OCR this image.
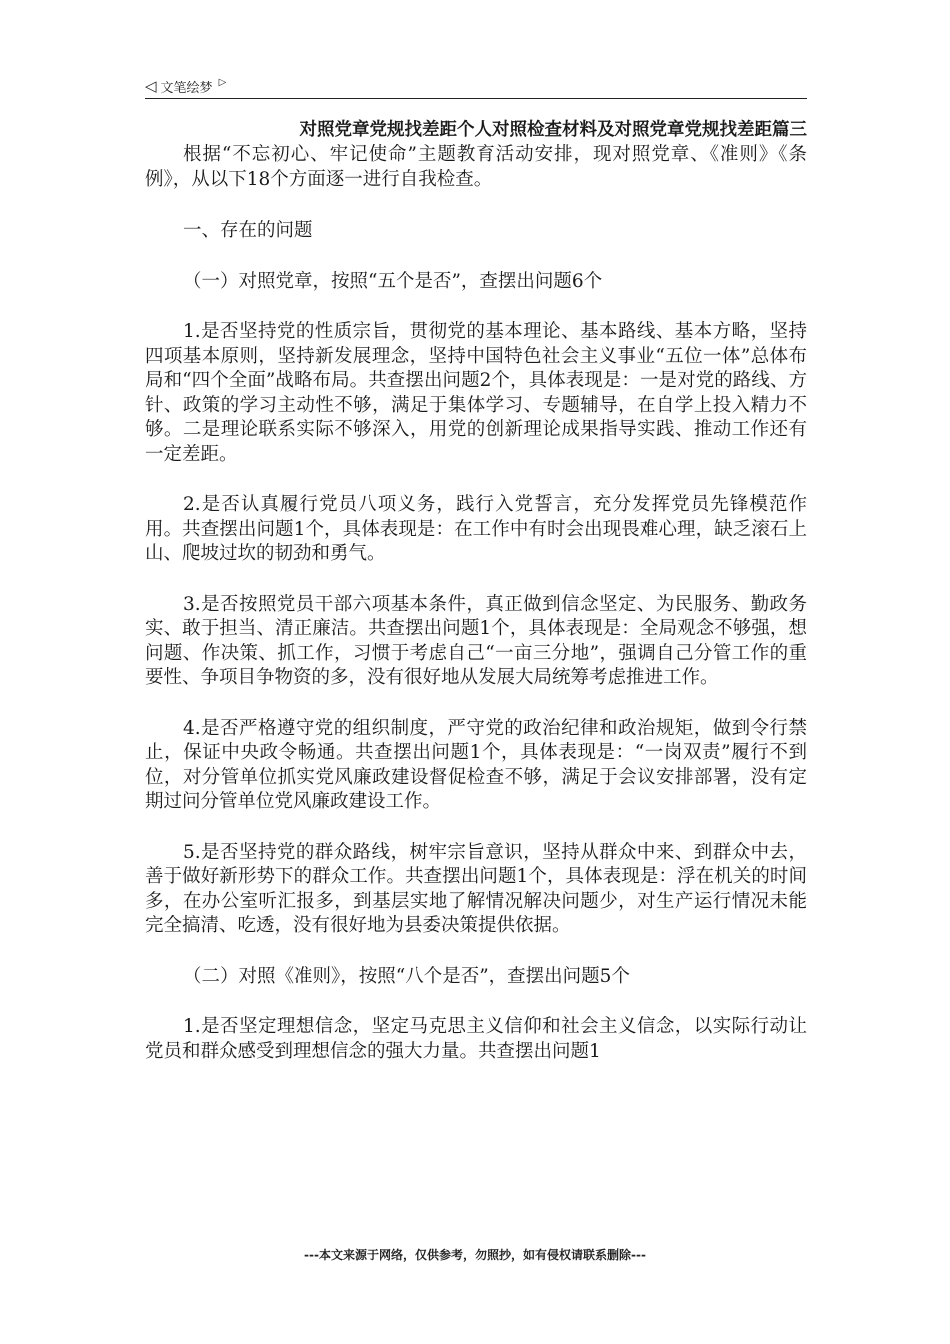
◁ 文笔绘梦 ▷
对照党章党规找差距个人对照检查材料及对照党章党规找差距篇三

根据“不忘初心、牢记使命”主题教育活动安排，现对照党章、《准则》《条例》，从以下18个方面逐一进行自我检查。

一、存在的问题

（一）对照党章，按照“五个是否”，查摆出问题6个

1.是否坚持党的性质宗旨，贯彻党的基本理论、基本路线、基本方略，坚持四项基本原则，坚持新发展理念，坚持中国特色社会主义事业“五位一体”总体布局和“四个全面”战略布局。共查摆出问题2个，具体表现是：一是对党的路线、方针、政策的学习主动性不够，满足于集体学习、专题辅导，在自学上投入精力不够。二是理论联系实际不够深入，用党的创新理论成果指导实践、推动工作还有一定差距。

2.是否认真履行党员八项义务，践行入党誓言，充分发挥党员先锋模范作用。共查摆出问题1个，具体表现是：在工作中有时会出现畏难心理，缺乏滚石上山、爬坡过坎的韧劲和勇气。

3.是否按照党员干部六项基本条件，真正做到信念坚定、为民服务、勤政务实、敢于担当、清正廉洁。共查摆出问题1个，具体表现是：全局观念不够强，想问题、作决策、抓工作，习惯于考虑自己“一亩三分地”，强调自己分管工作的重要性、争项目争物资的多，没有很好地从发展大局统筹考虑推进工作。

4.是否严格遵守党的组织制度，严守党的政治纪律和政治规矩，做到令行禁止，保证中央政令畅通。共查摆出问题1个，具体表现是：“一岗双责”履行不到位，对分管单位抓实党风廉政建设督促检查不够，满足于会议安排部署，没有定期过问分管单位党风廉政建设工作。

5.是否坚持党的群众路线，树牢宗旨意识，坚持从群众中来、到群众中去，善于做好新形势下的群众工作。共查摆出问题1个，具体表现是：浮在机关的时间多，在办公室听汇报多，到基层实地了解情况解决问题少，对生产运行情况未能完全搞清、吃透，没有很好地为县委决策提供依据。

（二）对照《准则》，按照“八个是否”，查摆出问题5个

1.是否坚定理想信念，坚定马克思主义信仰和社会主义信念，以实际行动让党员和群众感受到理想信念的强大力量。共查摆出问题1

---本文来源于网络，仅供参考，勿照抄，如有侵权请联系删除---
